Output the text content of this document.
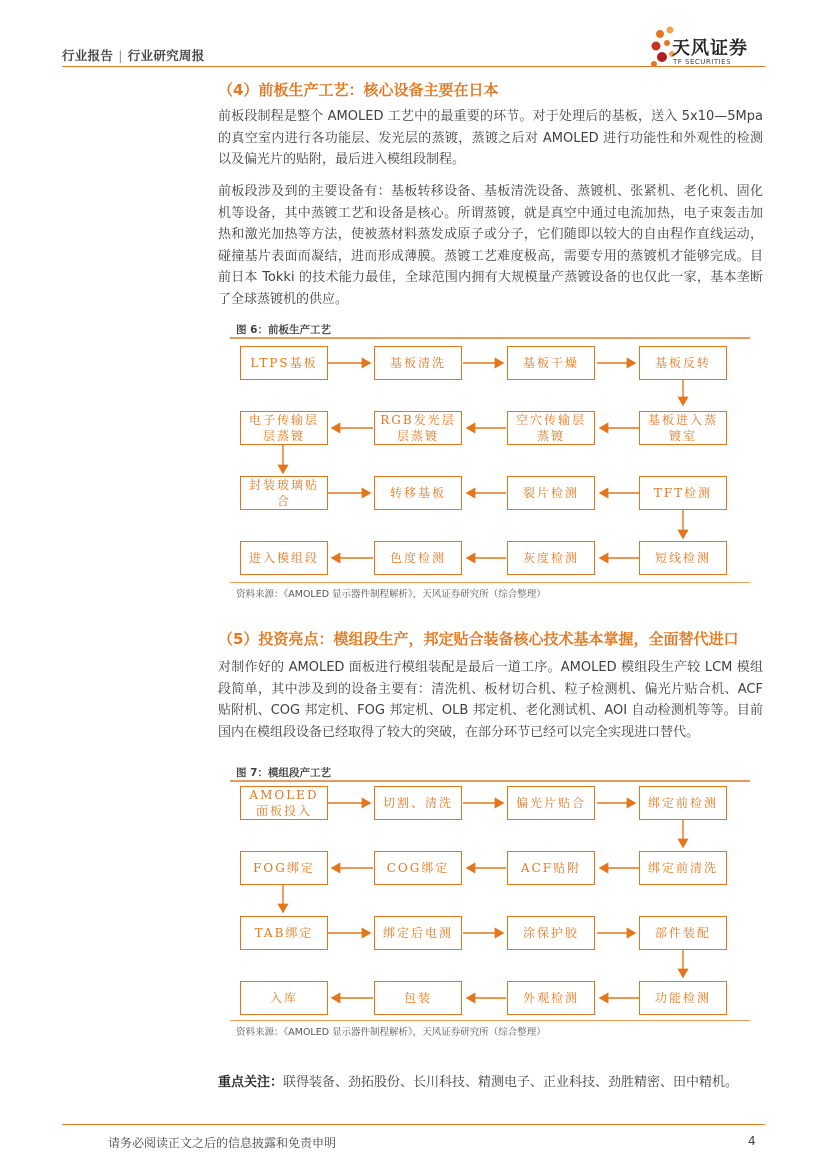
行业报告 | 行业研究周报	天风证券
TF SECURITIES
（4）前板生产工艺：核心设备主要在日本
前板段制程是整个 AMOLED 工艺中的最重要的环节。对于处理后的基板，送入 5x10—5Mpa 的真空室内进行各功能层、发光层的蒸镀，蒸镀之后对 AMOLED 进行功能性和外观性的检测以及偏光片的贴附，最后进入模组段制程。
前板段涉及到的主要设备有：基板转移设备、基板清洗设备、蒸镀机、张紧机、老化机、固化机等设备，其中蒸镀工艺和设备是核心。所谓蒸镀，就是真空中通过电流加热，电子束轰击加热和激光加热等方法，使被蒸材料蒸发成原子或分子，它们随即以较大的自由程作直线运动，碰撞基片表面而凝结，进而形成薄膜。蒸镀工艺难度极高，需要专用的蒸镀机才能够完成。目前日本 Tokki 的技术能力最佳，全球范围内拥有大规模量产蒸镀设备的也仅此一家，基本垄断了全球蒸镀机的供应。
图 6：前板生产工艺
LTPS基板	基板清洗	基板干燥	基板反转
电子传输层层蒸镀
RGB发光层层蒸镀
空穴传输层蒸镀
基板进入蒸镀室
封装玻璃贴合
转移基板	裂片检测	TFT检测
进入模组段	色度检测	灰度检测	短线检测
资料来源：《AMOLED 显示器件制程解析》，天风证券研究所（综合整理）
（5）投资亮点：模组段生产，邦定贴合装备核心技术基本掌握，全面替代进口
对制作好的 AMOLED 面板进行模组装配是最后一道工序。AMOLED 模组段生产较 LCM 模组段简单，其中涉及到的设备主要有：清洗机、板材切合机、粒子检测机、偏光片贴合机、ACF 贴附机、COG 邦定机、FOG 邦定机、OLB 邦定机、老化测试机、AOI 自动检测机等等。目前国内在模组段设备已经取得了较大的突破，在部分环节已经可以完全实现进口替代。
图 7：模组段产工艺
AMOLED面板投入
切割、清洗	偏光片贴合	绑定前检测
FOG绑定	COG绑定	ACF贴附	绑定前清洗
TAB绑定	绑定后电测	涂保护胶	部件装配
入库	包装	外观检测	功能检测
资料来源：《AMOLED 显示器件制程解析》，天风证券研究所（综合整理）
重点关注：联得装备、劲拓股份、长川科技、精测电子、正业科技、劲胜精密、田中精机。
请务必阅读正文之后的信息披露和免责申明	4
